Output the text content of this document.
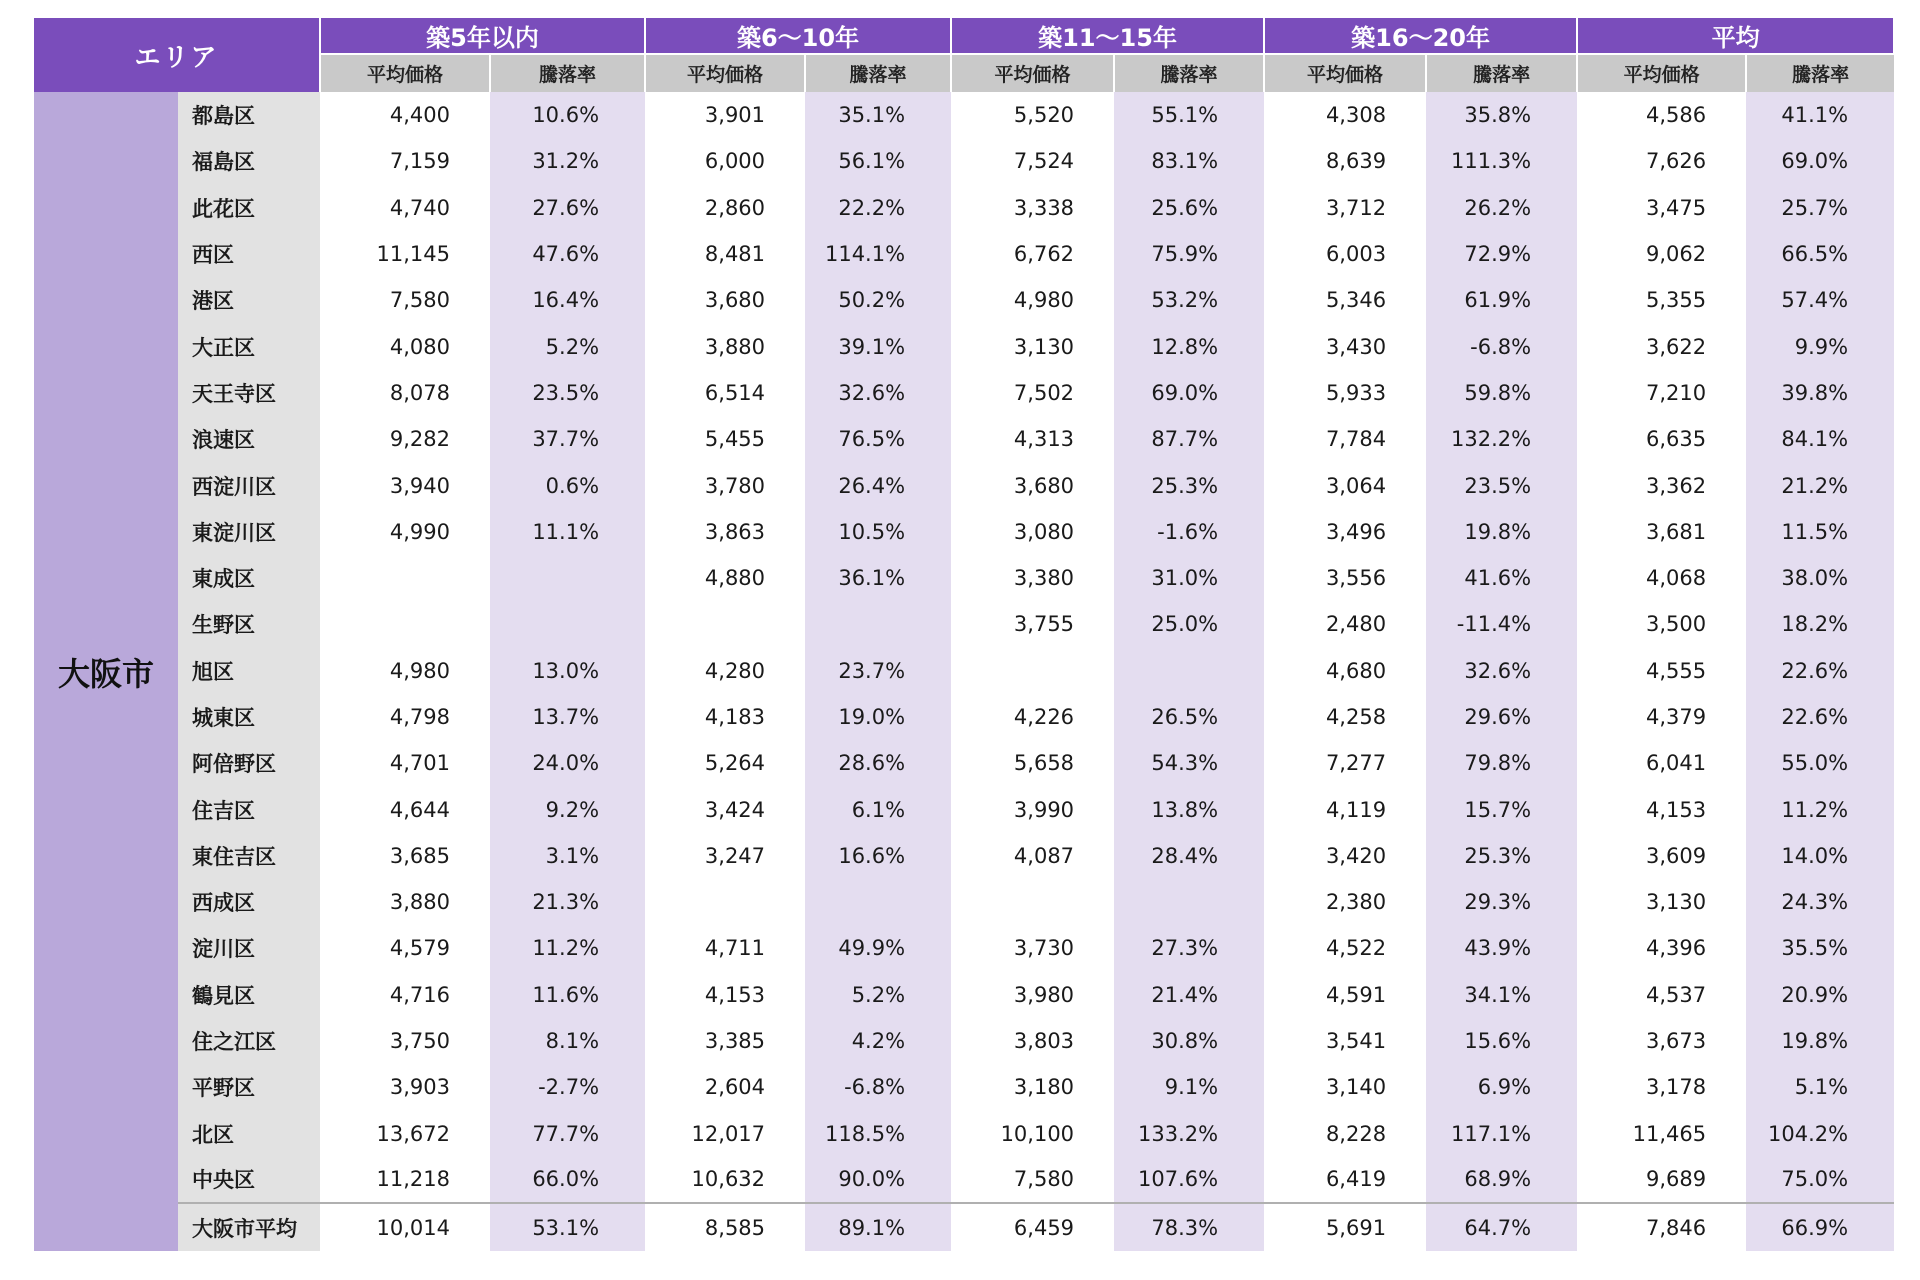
エリア		築5年以内		築6〜10年		築11〜15年		築16〜20年		平均	
		平均価格	騰落率	平均価格	騰落率	平均価格	騰落率	平均価格	騰落率	平均価格	騰落率
大阪市	都島区	4,400	10.6%	3,901	35.1%	5,520	55.1%	4,308	35.8%	4,586	41.1%
	福島区	7,159	31.2%	6,000	56.1%	7,524	83.1%	8,639	111.3%	7,626	69.0%
	此花区	4,740	27.6%	2,860	22.2%	3,338	25.6%	3,712	26.2%	3,475	25.7%
	西区	11,145	47.6%	8,481	114.1%	6,762	75.9%	6,003	72.9%	9,062	66.5%
	港区	7,580	16.4%	3,680	50.2%	4,980	53.2%	5,346	61.9%	5,355	57.4%
	大正区	4,080	5.2%	3,880	39.1%	3,130	12.8%	3,430	-6.8%	3,622	9.9%
	天王寺区	8,078	23.5%	6,514	32.6%	7,502	69.0%	5,933	59.8%	7,210	39.8%
	浪速区	9,282	37.7%	5,455	76.5%	4,313	87.7%	7,784	132.2%	6,635	84.1%
	西淀川区	3,940	0.6%	3,780	26.4%	3,680	25.3%	3,064	23.5%	3,362	21.2%
	東淀川区	4,990	11.1%	3,863	10.5%	3,080	-1.6%	3,496	19.8%	3,681	11.5%
	東成区			4,880	36.1%	3,380	31.0%	3,556	41.6%	4,068	38.0%
	生野区					3,755	25.0%	2,480	-11.4%	3,500	18.2%
	旭区	4,980	13.0%	4,280	23.7%			4,680	32.6%	4,555	22.6%
	城東区	4,798	13.7%	4,183	19.0%	4,226	26.5%	4,258	29.6%	4,379	22.6%
	阿倍野区	4,701	24.0%	5,264	28.6%	5,658	54.3%	7,277	79.8%	6,041	55.0%
	住吉区	4,644	9.2%	3,424	6.1%	3,990	13.8%	4,119	15.7%	4,153	11.2%
	東住吉区	3,685	3.1%	3,247	16.6%	4,087	28.4%	3,420	25.3%	3,609	14.0%
	西成区	3,880	21.3%					2,380	29.3%	3,130	24.3%
	淀川区	4,579	11.2%	4,711	49.9%	3,730	27.3%	4,522	43.9%	4,396	35.5%
	鶴見区	4,716	11.6%	4,153	5.2%	3,980	21.4%	4,591	34.1%	4,537	20.9%
	住之江区	3,750	8.1%	3,385	4.2%	3,803	30.8%	3,541	15.6%	3,673	19.8%
	平野区	3,903	-2.7%	2,604	-6.8%	3,180	9.1%	3,140	6.9%	3,178	5.1%
	北区	13,672	77.7%	12,017	118.5%	10,100	133.2%	8,228	117.1%	11,465	104.2%
	中央区	11,218	66.0%	10,632	90.0%	7,580	107.6%	6,419	68.9%	9,689	75.0%
	大阪市平均	10,014	53.1%	8,585	89.1%	6,459	78.3%	5,691	64.7%	7,846	66.9%
